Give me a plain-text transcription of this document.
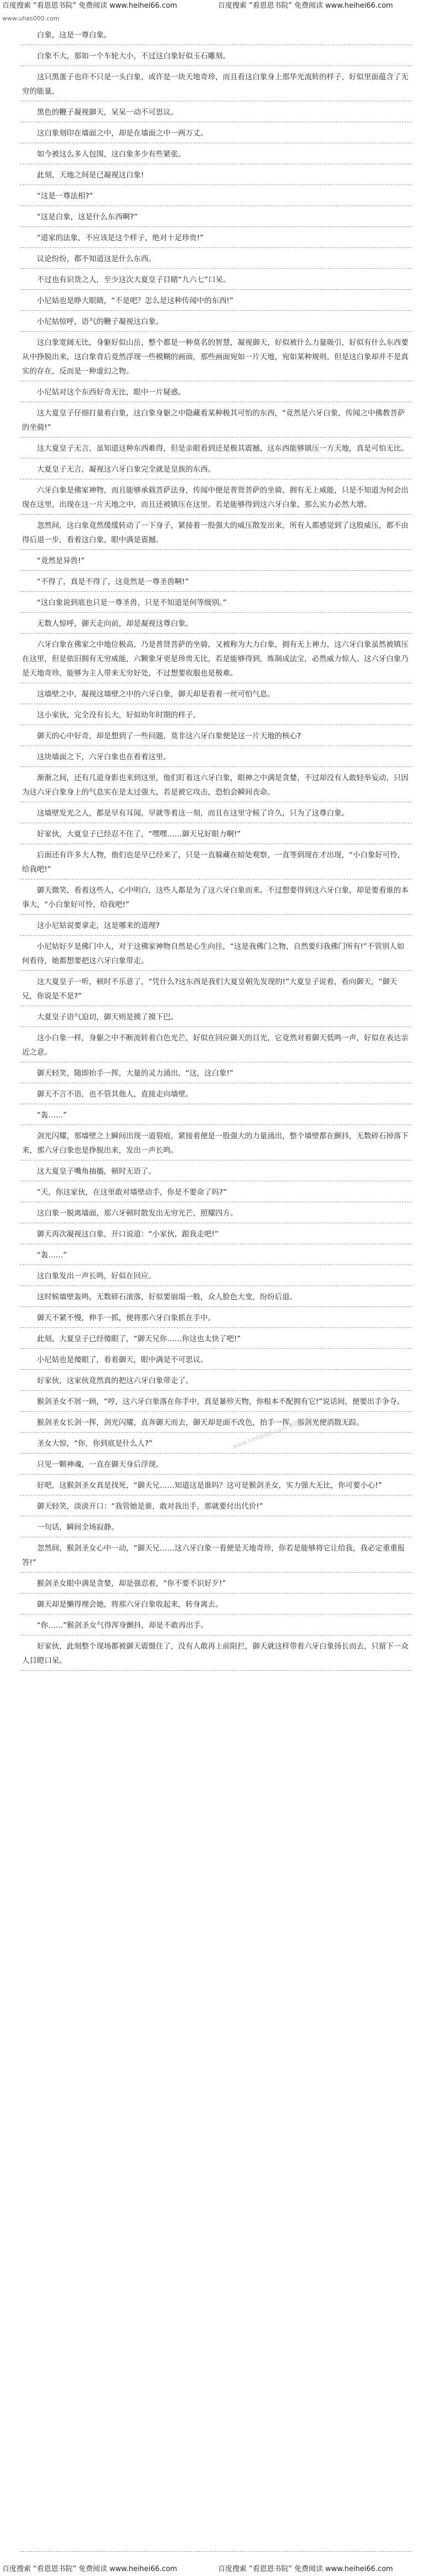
百度搜索 “看恩恩书院” 免费阅读 www.heihei66.com	百度搜索 “看恩恩书院” 免费阅读 www.heihei66.com
www.uhas000.com
白象，这是一尊白象。
白象不大，那如一个车轮大小，不过这白象好似玉石雕刻。
这只黑蛋子也许不只是一头白象，或许是一块天地奇珍，而且看这白象身上那华光流转的样子，好似里面蕴含了无穷的能量。
黑色的鞭子凝视御天，呆呆一动不可思议。
这白象刻印在墙面之中，却是在墙面之中一两万丈。
如今被这么多人包围，这白象多少有些紧张。
此刻，天地之间是已凝视这白象!
“这是一尊法相?”
“这是白象，这是什么东西啊?”
“道家的法象，不应该是这个样子，绝对十足珍贵!”
议论纷纷，都不知道这是什么东西。
不过也有识货之人，至少这次大夏皇子目睹“九六七”口呆。
小尼姑也是睁大眼睛，“不是吧？怎么是这种传闻中的东西!”
小尼姑惊呼，语气的鞭子凝视这白象。
这白象宽阔无比，身躯好似山岳，整个都是一种莫名的智慧，凝视御天，好似被什么力量吸引，好似有什么东西要从中挣脱出来，这白象背后竟然浮现一些模糊的画面，那些画面宛如一片天地，宛如某种规则。但是这白象却并不是真实的存在，反而是一种虚幻之物。
小尼姑对这个东西好奇无比，眼中一片疑惑。
这大夏皇子仔细打量着白象，这白象身躯之中隐藏着某种极其可怕的东西，“竟然是六牙白象，传闻之中佛教菩萨的坐骑!”
这大夏皇子无言，虽知道这种东西难得，但是亲眼看到还是极其震撼，这东西能够镇压一方天地，真是可怕无比。
大夏皇子无言，凝视这六牙白象完全就是皇族的东西。
六牙白象是佛家神物，而且能够承载菩萨法身，传闻中便是普贤菩萨的坐骑，拥有无上威能，只是不知道为何会出现在这里，出现在这一片天地之中，而且还被镇压在这里。若是能够得到这六牙白象，那么实力必然大增。
忽然间，这白象竟然缓缓转动了一下身子，紧接着一股强大的威压散发出来，所有人都感觉到了这股威压，都不由得后退一步，看着这白象，眼中满是震撼。
“竟然是异兽!”
“不得了，真是不得了，这竟然是一尊圣兽啊!”
“这白象说到底也只是一尊圣兽，只是不知道是何等级别。”
无数人惊呼，御天走向前，却是凝视这尊白象。
六牙白象在佛家之中地位极高，乃是普贤菩萨的坐骑，又被称为大力白象，拥有无上神力，这六牙白象虽然被镇压在这里，但是依旧拥有无穷威能，六颗象牙更是珍贵无比，若是能够得到，炼制成法宝，必然威力惊人。这六牙白象乃是天地奇珍，能够为主人带来无穷好处，不过想要收服也是极难。
这墙壁之中，凝视这墙壁之中的六牙白象，御天却是看着一丝可怕气息。
这小家伙，完全没有长大，好似幼年时期的样子。
御天的心中好奇，却是想到了一些问题，莫非这六牙白象便是这一片天地的核心?
这块墙面之下，六牙白象也在看着这里。
渐渐之间，还有几道身影也来到这里，他们盯着这六牙白象，眼神之中满是贪婪，不过却没有人敢轻举妄动，只因为这六牙白象身上的气息实在是太过强大，若是被它攻击，恐怕会瞬间丧命。
这墙壁发光之人，都是早有耳闻，早就等着这一刻，而且在这里守候了许久，只为了这尊白象。
好家伙，大夏皇子已经忍不住了，“嘿嘿……御天兄好眼力啊!”
后面还有许多大人物，他们也是早已经来了，只是一直躲藏在暗处观察，一直等到现在才出现，“小白象好可怜，给我吧!”
御天微笑，看着这些人，心中明白，这些人都是为了这六牙白象而来。不过想要得到这六牙白象，却是要看谁的本事大，“小白象好可怜，给我吧!”
这小尼姑说要拿走，这是哪来的道理?
小尼姑好歹是佛门中人，对于这佛家神物自然是心生向往，“这是我佛门之物，自然要归我佛门所有!”不管别人如何看待，她都想要把这六牙白象带走。
这大夏皇子一听，顿时不乐意了，“凭什么?这东西是我们大夏皇朝先发现的!”大夏皇子说着，看向御天，“御天兄，你说是不是?”
大夏皇子语气迫切，御天则是摸了摸下巴。
这小白象一样，身躯之中不断流转着白色光芒，好似在回应御天的目光，它竟然对着御天低鸣一声，好似在表达亲近之意。
御天轻笑，随即抬手一挥，大量的灵力涌出，“这，这白象!”
御天不言不语，也不管其他人，直接走向墙壁。
“轰……”
剑光闪耀，那墙壁之上瞬间出现一道裂痕，紧接着便是一股强大的力量涌出，整个墙壁都在颤抖，无数碎石掉落下来，那六牙白象也是挣脱出来，发出一声长鸣。
这大夏皇子嘴角抽搐，顿时无语了。
“天，你这家伙，在这里敢对墙壁动手，你是不要命了吗?”
这白象一脱离墙面，那六牙顿时散发出无穷光芒，照耀四方。
御天再次凝视这白象，开口说道：“小家伙，跟我走吧!”
“轰……”
这白象发出一声长鸣，好似在回应。
这时候墙壁轰鸣，无数碎石滚落，好似要崩塌一般，众人脸色大变，纷纷后退。
御天不紧不慢，伸手一抓，便将那六牙白象抓在手中。
此刻，大夏皇子已经傻眼了，“御天兄你……你这也太快了吧!”
小尼姑也是傻眼了，看着御天，眼中满是不可思议。
好家伙，这家伙竟然真的把这六牙白象带走了。
猴剑圣女不屑一顾，“哼，这六牙白象落在你手中，真是暴殄天物，你根本不配拥有它!”说话间，便要出手争夺。
猴剑圣女长剑一挥，剑光闪耀，直奔御天而去，御天却是面不改色，抬手一挥，那剑光便消散无踪。
圣女大惊，“你，你到底是什么人?”
只见一颗神魂，一直在御天身后浮现。
好吧，这猴剑圣女真是找死，“御天兄……知道这是谁吗？这可是猴剑圣女，实力强大无比，你可要小心!”
御天轻笑，淡淡开口：“我管她是谁，敢对我出手，那就要付出代价!”
一句话，瞬间全场寂静。
忽然间，猴剑圣女心中一动，“御天兄……这六牙白象一看便是天地奇珍，你若是能够将它让给我，我必定重重报答!”
猴剑圣女眼中满是贪婪，却是强忍着，“你不要不识好歹!”
御天却是懒得理会她，将那六牙白象收起来，转身离去。
“你……”猴剑圣女气得浑身颤抖，却是不敢再出手。
好家伙，此刻整个现场都被御天震慑住了，没有人敢再上前阻拦，御天就这样带着六牙白象扬长而去，只留下一众人目瞪口呆。
www.heihei66.com 黑嘿书院
百度搜索 “看恩恩书院” 免费阅读 www.heihei66.com	百度搜索 “看恩恩书院” 免费阅读 www.heihei66.com
